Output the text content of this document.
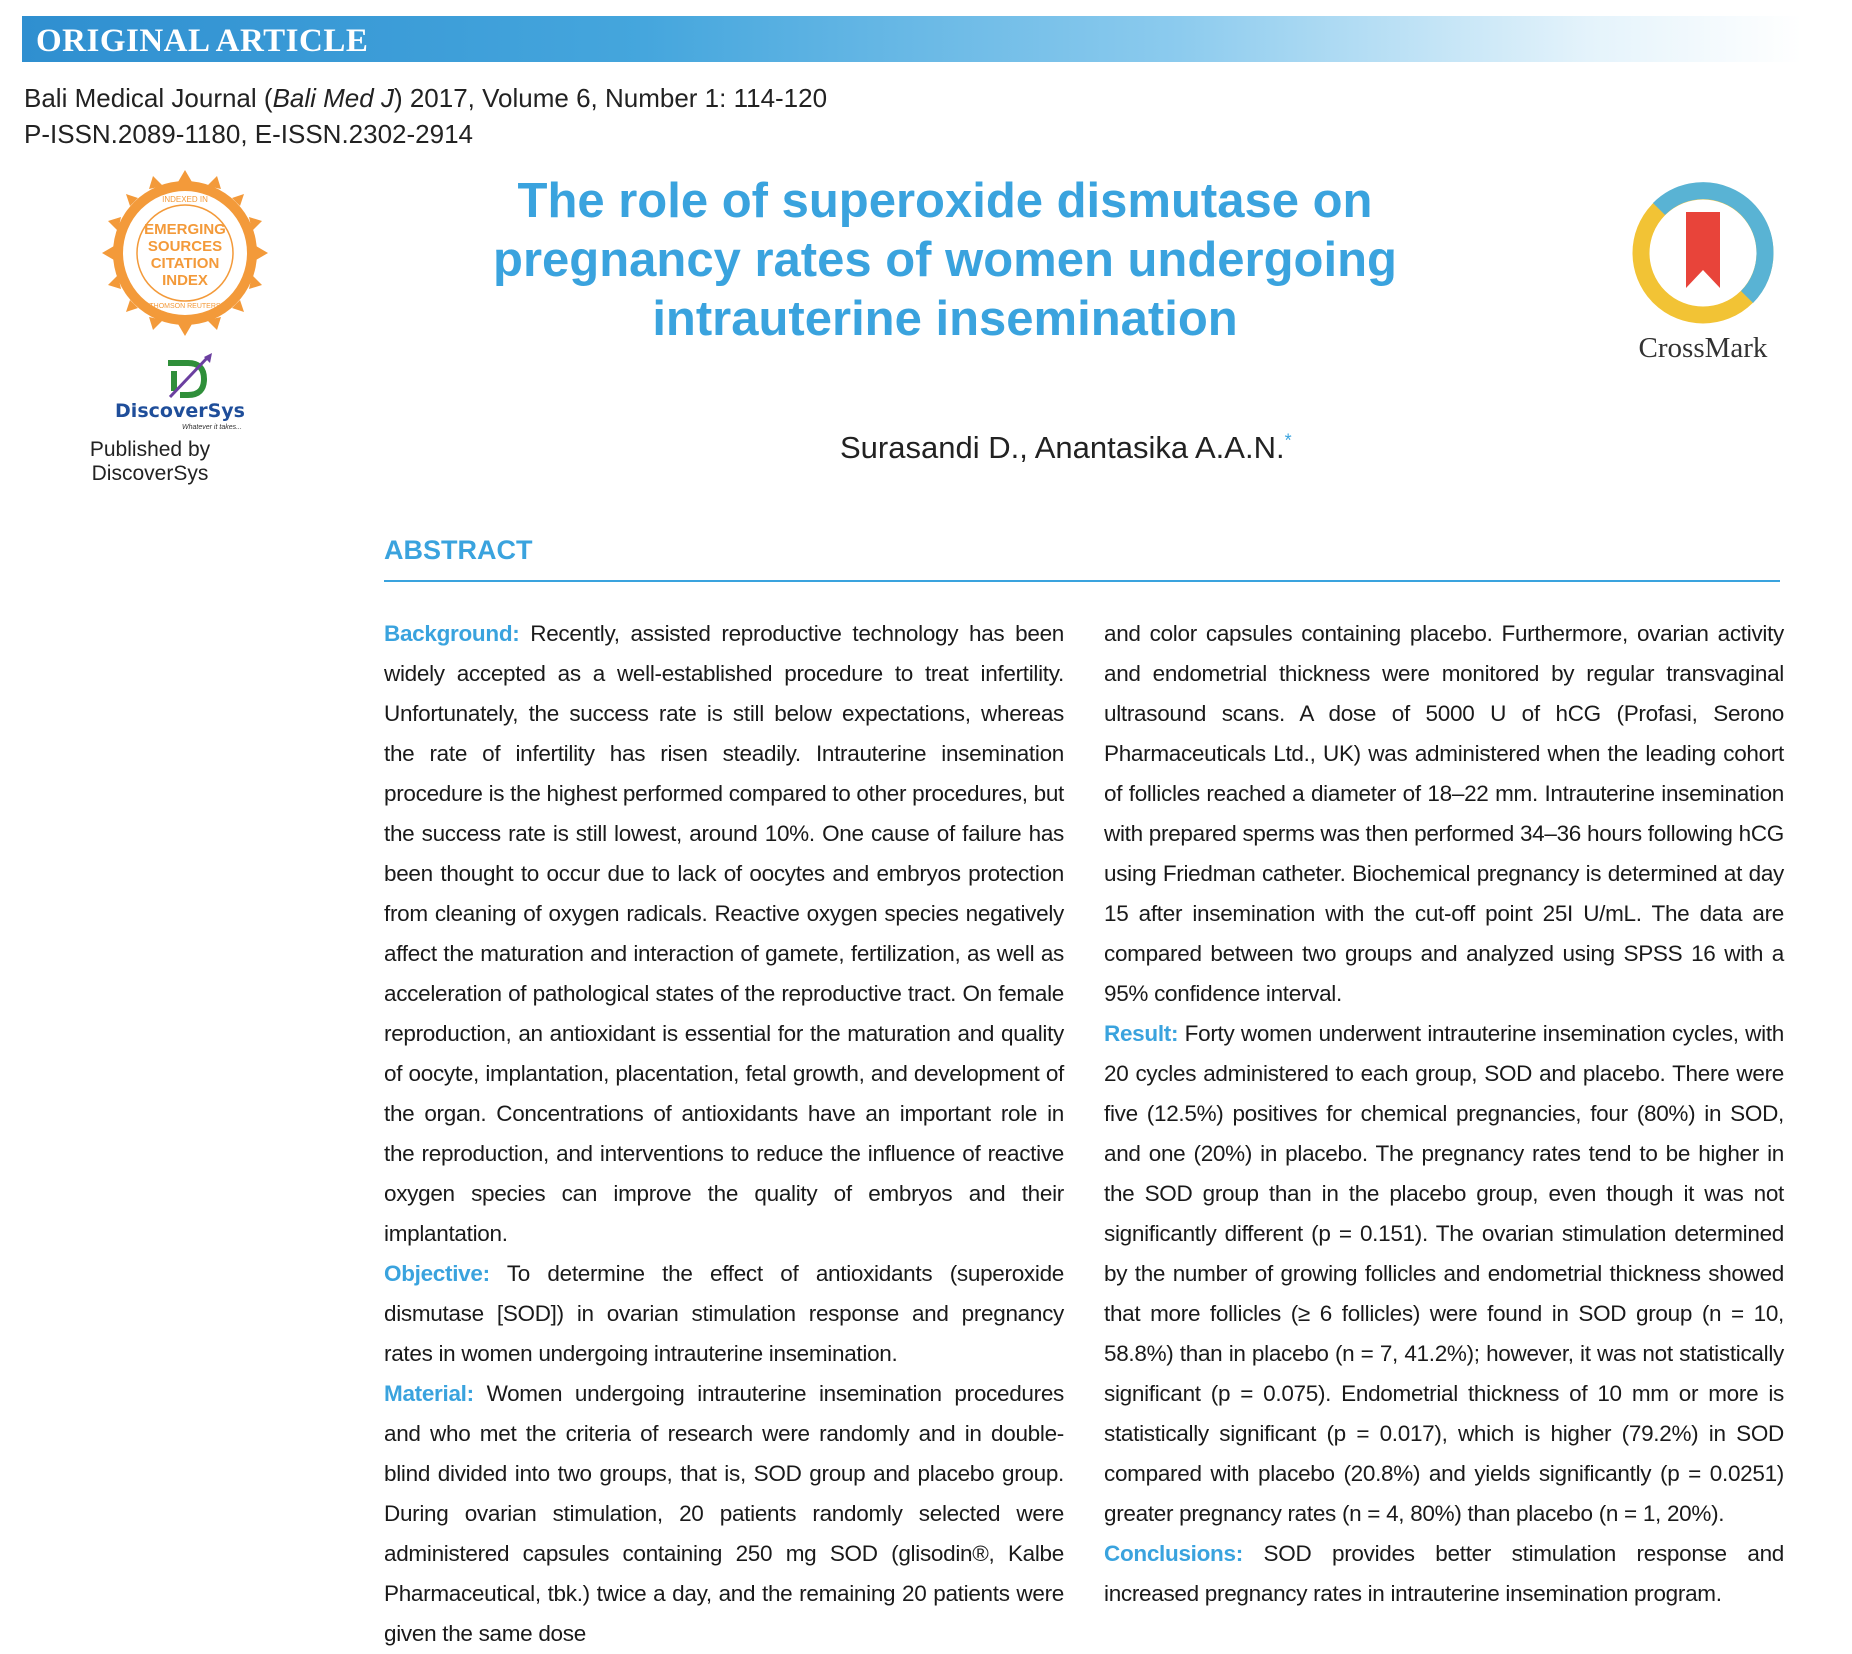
ORIGINAL ARTICLE
Bali Medical Journal (Bali Med J) 2017, Volume 6, Number 1: 114-120
P-ISSN.2089-1180, E-ISSN.2302-2914
INDEXED IN
EMERGING
SOURCES
CITATION
INDEX
THOMSON REUTERS
DiscoverSys
Whatever it takes...
Published by DiscoverSys
The role of superoxide dismutase on pregnancy rates of women undergoing intrauterine insemination
CrossMark
Surasandi D., Anantasika A.A.N.*
ABSTRACT

Background: Recently, assisted reproductive technology has been widely accepted as a well-established procedure to treat infertility. Unfortunately, the success rate is still below expectations, whereas the rate of infertility has risen steadily. Intrauterine insemination procedure is the highest performed compared to other procedures, but the success rate is still lowest, around 10%. One cause of failure has been thought to occur due to lack of oocytes and embryos protection from cleaning of oxygen radicals. Reactive oxygen species negatively affect the maturation and interaction of gamete, fertilization, as well as acceleration of pathological states of the reproductive tract. On female reproduction, an antioxidant is essential for the maturation and quality of oocyte, implantation, placentation, fetal growth, and development of the organ. Concentrations of antioxidants have an important role in the reproduction, and interventions to reduce the influence of reactive oxygen species can improve the quality of embryos and their implantation.

Objective: To determine the effect of antioxidants (superoxide dismutase [SOD]) in ovarian stimulation response and pregnancy rates in women undergoing intrauterine insemination.

Material: Women undergoing intrauterine insemination procedures and who met the criteria of research were randomly and in double-blind divided into two groups, that is, SOD group and placebo group. During ovarian stimulation, 20 patients randomly selected were administered capsules containing 250 mg SOD (glisodin®, Kalbe Pharmaceutical, tbk.) twice a day, and the remaining 20 patients were given the same dose

and color capsules containing placebo. Furthermore, ovarian activity and endometrial thickness were monitored by regular transvaginal ultrasound scans. A dose of 5000 U of hCG (Profasi, Serono Pharmaceuticals Ltd., UK) was administered when the leading cohort of follicles reached a diameter of 18–22 mm. Intrauterine insemination with prepared sperms was then performed 34–36 hours following hCG using Friedman catheter. Biochemical pregnancy is determined at day 15 after insemination with the cut-off point 25I U/mL. The data are compared between two groups and analyzed using SPSS 16 with a 95% confidence interval.

Result: Forty women underwent intrauterine insemination cycles, with 20 cycles administered to each group, SOD and placebo. There were five (12.5%) positives for chemical pregnancies, four (80%) in SOD, and one (20%) in placebo. The pregnancy rates tend to be higher in the SOD group than in the placebo group, even though it was not significantly different (p = 0.151). The ovarian stimulation determined by the number of growing follicles and endometrial thickness showed that more follicles (≥ 6 follicles) were found in SOD group (n = 10, 58.8%) than in placebo (n = 7, 41.2%); however, it was not statistically significant (p = 0.075). Endometrial thickness of 10 mm or more is statistically significant (p = 0.017), which is higher (79.2%) in SOD compared with placebo (20.8%) and yields significantly (p = 0.0251) greater pregnancy rates (n = 4, 80%) than placebo (n = 1, 20%).

Conclusions: SOD provides better stimulation response and increased pregnancy rates in intrauterine insemination program.
